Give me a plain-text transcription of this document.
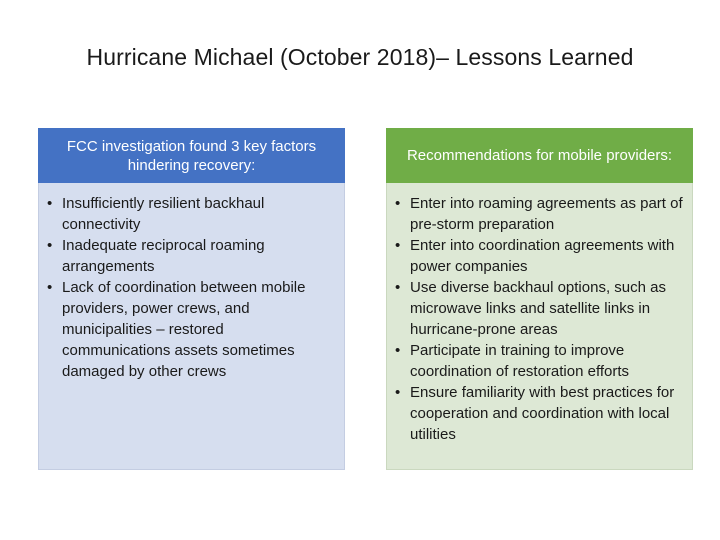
Hurricane Michael (October 2018)– Lessons Learned
FCC investigation found 3 key factors hindering recovery:
• Insufficiently resilient backhaul connectivity
• Inadequate reciprocal roaming arrangements
• Lack of coordination between mobile providers, power crews, and municipalities – restored communications assets sometimes damaged by other crews
Recommendations for mobile providers:
• Enter into roaming agreements as part of pre-storm preparation
• Enter into coordination agreements with power companies
• Use diverse backhaul options, such as microwave links and satellite links in hurricane-prone areas
• Participate in training to improve coordination of restoration efforts
• Ensure familiarity with best practices for cooperation and coordination with local utilities
